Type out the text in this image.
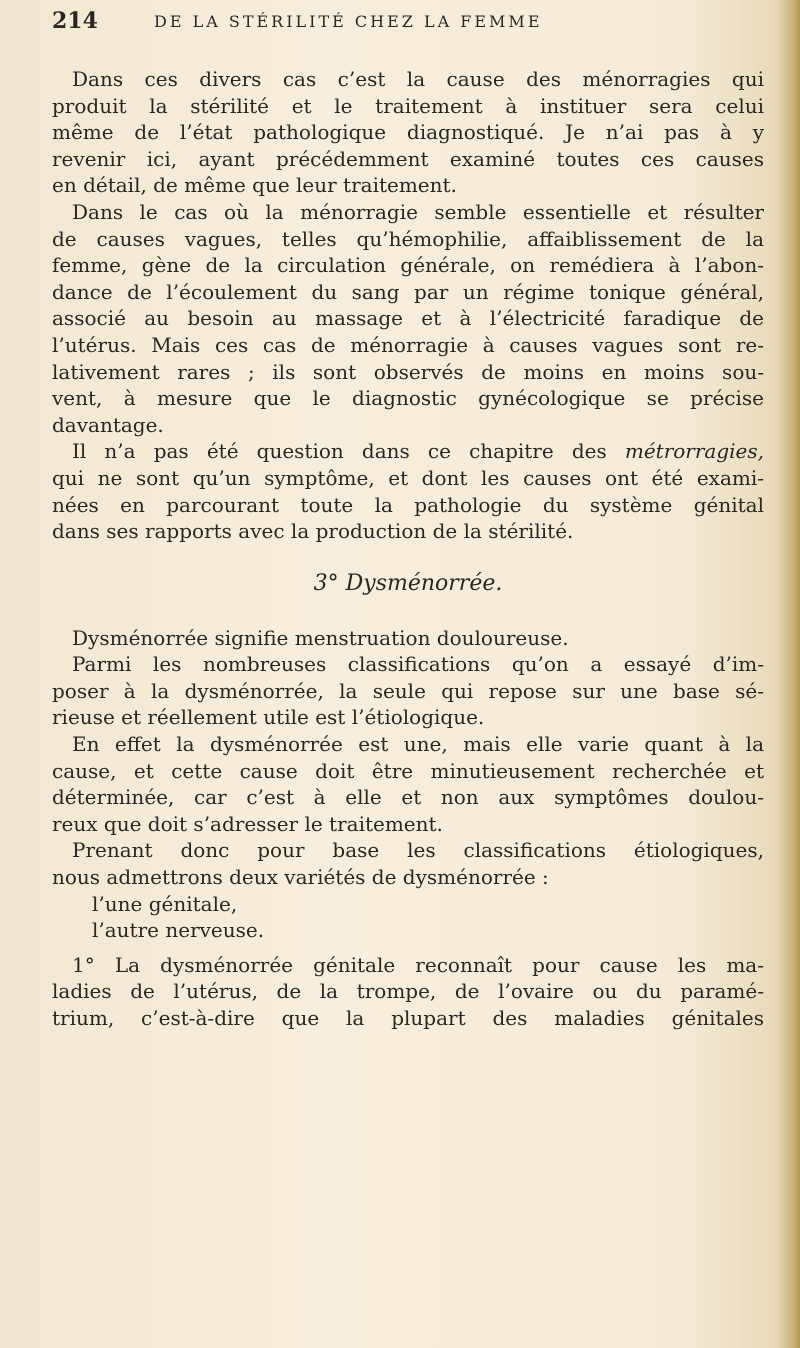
214	DE LA STÉRILITÉ CHEZ LA FEMME
Dans ces divers cas c’est la cause des ménorragies qui
produit la stérilité et le traitement à instituer sera celui
même de l’état pathologique diagnostiqué. Je n’ai pas à y
revenir ici, ayant précédemment examiné toutes ces causes
en détail, de même que leur traitement.
Dans le cas où la ménorragie semble essentielle et résulter
de causes vagues, telles qu’hémophilie, affaiblissement de la
femme, gène de la circulation générale, on remédiera à l’abon-
dance de l’écoulement du sang par un régime tonique général,
associé au besoin au massage et à l’électricité faradique de
l’utérus. Mais ces cas de ménorragie à causes vagues sont re-
lativement rares ; ils sont observés de moins en moins sou-
vent, à mesure que le diagnostic gynécologique se précise
davantage.
Il n’a pas été question dans ce chapitre des métrorragies,
qui ne sont qu’un symptôme, et dont les causes ont été exami-
nées en parcourant toute la pathologie du système génital
dans ses rapports avec la production de la stérilité.
3° Dysménorrée.
Dysménorrée signifie menstruation douloureuse.
Parmi les nombreuses classifications qu’on a essayé d’im-
poser à la dysménorrée, la seule qui repose sur une base sé-
rieuse et réellement utile est l’étiologique.
En effet la dysménorrée est une, mais elle varie quant à la
cause, et cette cause doit être minutieusement recherchée et
déterminée, car c’est à elle et non aux symptômes doulou-
reux que doit s’adresser le traitement.
Prenant donc pour base les classifications étiologiques,
nous admettrons deux variétés de dysménorrée :
l’une génitale,
l’autre nerveuse.
1° La dysménorrée génitale reconnaît pour cause les ma-
ladies de l’utérus, de la trompe, de l’ovaire ou du paramé-
trium, c’est-à-dire que la plupart des maladies génitales
